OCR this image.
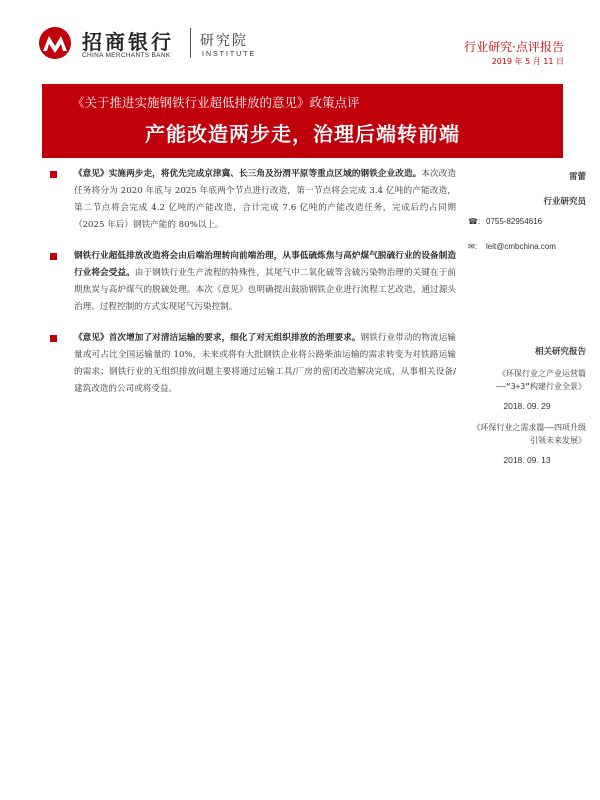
招商银行
CHINA MERCHANTS BANK
研究院
INSTITUTE
行业研究·点评报告
2019 年 5 月 11 日
《关于推进实施钢铁行业超低排放的意见》政策点评
产能改造两步走，治理后端转前端
《意见》实施两步走，将优先完成京津冀、长三角及汾渭平原等重点区域的钢铁企业改造。本次改造任务将分为 2020 年底与 2025 年底两个节点进行改造，第一节点将会完成 3.4 亿吨的产能改造，第二节点将会完成 4.2 亿吨的产能改造，合计完成 7.6 亿吨的产能改造任务，完成后约占同期（2025 年后）钢铁产能的 80%以上。
钢铁行业超低排放改造将会由后端治理转向前端治理，从事低硫炼焦与高炉煤气脱硫行业的设备制造行业将会受益。由于钢铁行业生产流程的特殊性，其尾气中二氧化硫等含硫污染物治理的关键在于前期焦炭与高炉煤气的脱硫处理。本次《意见》也明确提出鼓励钢铁企业进行流程工艺改造，通过源头治理、过程控制的方式实现尾气污染控制。
《意见》首次增加了对清洁运输的要求，细化了对无组织排放的治理要求。钢铁行业带动的物流运输量或可占比全国运输量的 10%，未来或将有大批钢铁企业将公路柴油运输的需求转变为对铁路运输的需求；钢铁行业的无组织排放问题主要将通过运输工具/厂房的密闭改造解决完成，从事相关设备/建筑改造的公司或将受益。
雷蕾
行业研究员
☎: 0755-82954616
✉:	leit@cmbchina.com
相关研究报告
《环保行业之产业运营篇——“3+3”构建行业全景》
2018. 09. 29
《环保行业之需求篇——四项升级引领未来发展》
2018. 09. 13
